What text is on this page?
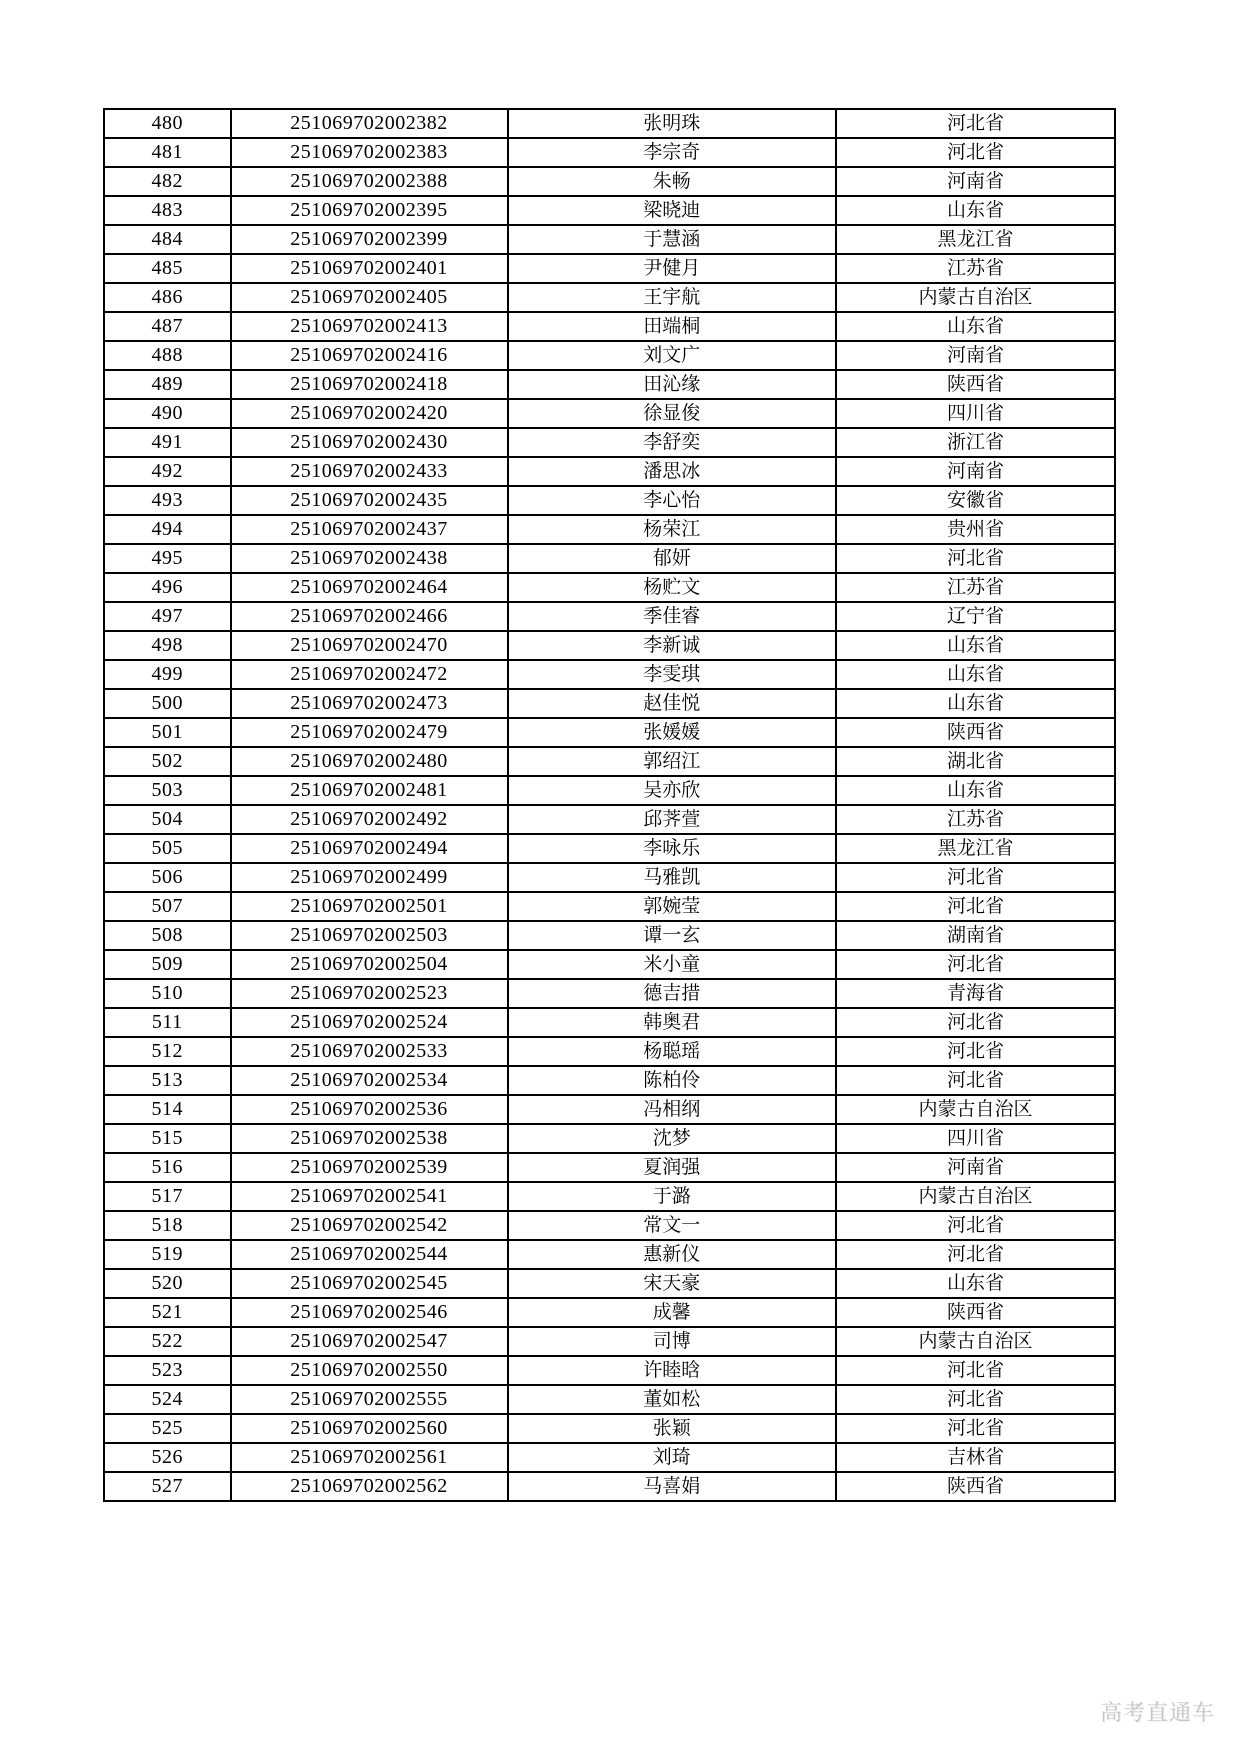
480	251069702002382	张明珠	河北省
481	251069702002383	李宗奇	河北省
482	251069702002388	朱畅	河南省
483	251069702002395	梁晓迪	山东省
484	251069702002399	于慧涵	黑龙江省
485	251069702002401	尹健月	江苏省
486	251069702002405	王宇航	内蒙古自治区
487	251069702002413	田端桐	山东省
488	251069702002416	刘文广	河南省
489	251069702002418	田沁缘	陕西省
490	251069702002420	徐显俊	四川省
491	251069702002430	李舒奕	浙江省
492	251069702002433	潘思冰	河南省
493	251069702002435	李心怡	安徽省
494	251069702002437	杨荣江	贵州省
495	251069702002438	郁妍	河北省
496	251069702002464	杨贮文	江苏省
497	251069702002466	季佳睿	辽宁省
498	251069702002470	李新诚	山东省
499	251069702002472	李雯琪	山东省
500	251069702002473	赵佳悦	山东省
501	251069702002479	张媛媛	陕西省
502	251069702002480	郭绍江	湖北省
503	251069702002481	吴亦欣	山东省
504	251069702002492	邱荠萱	江苏省
505	251069702002494	李咏乐	黑龙江省
506	251069702002499	马雅凯	河北省
507	251069702002501	郭婉莹	河北省
508	251069702002503	谭一玄	湖南省
509	251069702002504	米小童	河北省
510	251069702002523	德吉措	青海省
511	251069702002524	韩奥君	河北省
512	251069702002533	杨聪瑶	河北省
513	251069702002534	陈柏伶	河北省
514	251069702002536	冯相纲	内蒙古自治区
515	251069702002538	沈梦	四川省
516	251069702002539	夏润强	河南省
517	251069702002541	于潞	内蒙古自治区
518	251069702002542	常文一	河北省
519	251069702002544	惠新仪	河北省
520	251069702002545	宋天豪	山东省
521	251069702002546	成馨	陕西省
522	251069702002547	司博	内蒙古自治区
523	251069702002550	许睦晗	河北省
524	251069702002555	董如松	河北省
525	251069702002560	张颖	河北省
526	251069702002561	刘琦	吉林省
527	251069702002562	马喜娟	陕西省
高考直通车
